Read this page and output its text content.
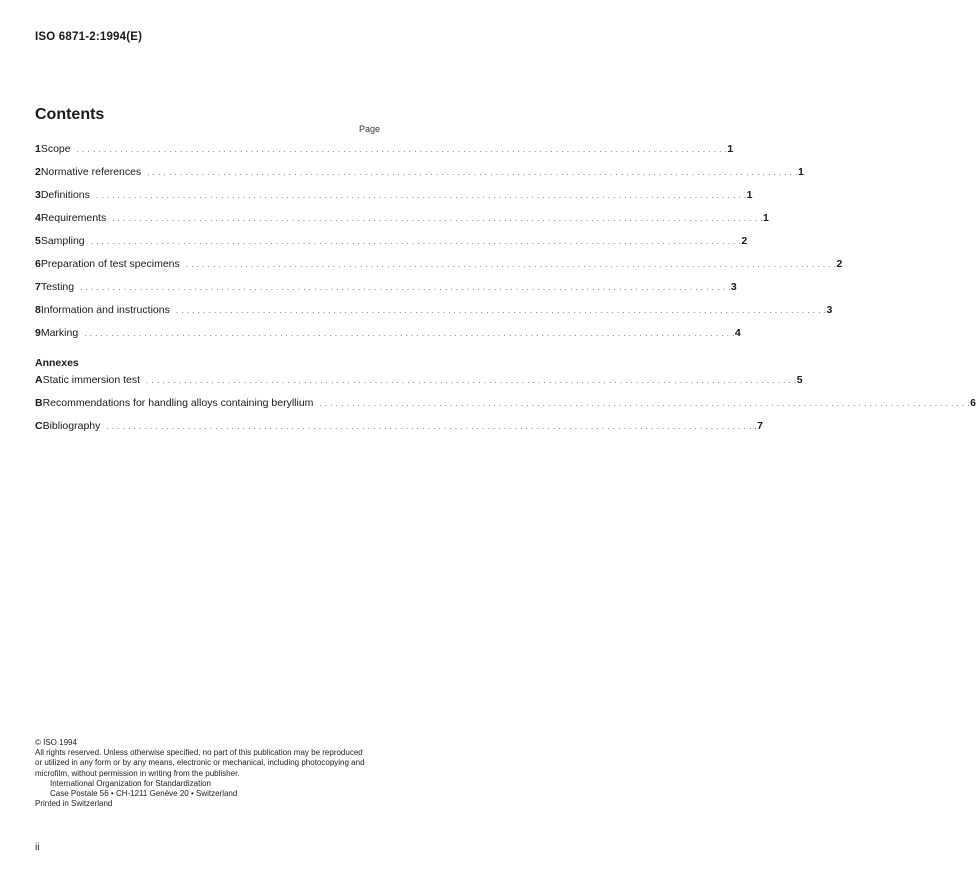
ISO 6871-2:1994(E)
Contents
Page
1 Scope . . . . . . . . . . . . . . . . . . . . . . . . . . . . . . . . . . . . . . . . . . . . . . . . . . . . . . . . . . . . . . . . . . . . . . . . . . . . . . . . . . . . . . . . . . . . . . . . . . . . . . . . . . . . . . . . . . . . . . . . 1
2 Normative references . . . . . . . . . . . . . . . . . . . . . . . . . . . . . . . . . . . . . . . . . . . . . . . . . . . . . . . . . . . . . . . . . . . . . . . . . . . . . . . . . . . . . . . . . . . . . . . . . . . . . . . . . . . . . . . . . . . . . . . . 1
3 Definitions . . . . . . . . . . . . . . . . . . . . . . . . . . . . . . . . . . . . . . . . . . . . . . . . . . . . . . . . . . . . . . . . . . . . . . . . . . . . . . . . . . . . . . . . . . . . . . . . . . . . . . . . . . . . . . . . . . . . . . . . 1
4 Requirements . . . . . . . . . . . . . . . . . . . . . . . . . . . . . . . . . . . . . . . . . . . . . . . . . . . . . . . . . . . . . . . . . . . . . . . . . . . . . . . . . . . . . . . . . . . . . . . . . . . . . . . . . . . . . . . . . . . . . . . . 1
5 Sampling . . . . . . . . . . . . . . . . . . . . . . . . . . . . . . . . . . . . . . . . . . . . . . . . . . . . . . . . . . . . . . . . . . . . . . . . . . . . . . . . . . . . . . . . . . . . . . . . . . . . . . . . . . . . . . . . . . . . . . . . 2
6 Preparation of test specimens . . . . . . . . . . . . . . . . . . . . . . . . . . . . . . . . . . . . . . . . . . . . . . . . . . . . . . . . . . . . . . . . . . . . . . . . . . . . . . . . . . . . . . . . . . . . . . . . . . . . . . . . . . . . . . . . . . . . . . . . 2
7 Testing . . . . . . . . . . . . . . . . . . . . . . . . . . . . . . . . . . . . . . . . . . . . . . . . . . . . . . . . . . . . . . . . . . . . . . . . . . . . . . . . . . . . . . . . . . . . . . . . . . . . . . . . . . . . . . . . . . . . . . . . 3
8 Information and instructions . . . . . . . . . . . . . . . . . . . . . . . . . . . . . . . . . . . . . . . . . . . . . . . . . . . . . . . . . . . . . . . . . . . . . . . . . . . . . . . . . . . . . . . . . . . . . . . . . . . . . . . . . . . . . . . . . . . . . . . . 3
9 Marking . . . . . . . . . . . . . . . . . . . . . . . . . . . . . . . . . . . . . . . . . . . . . . . . . . . . . . . . . . . . . . . . . . . . . . . . . . . . . . . . . . . . . . . . . . . . . . . . . . . . . . . . . . . . . . . . . . . . . . . . 4
Annexes
A Static immersion test . . . . . . . . . . . . . . . . . . . . . . . . . . . . . . . . . . . . . . . . . . . . . . . . . . . . . . . . . . . . . . . . . . . . . . . . . . . . . . . . . . . . . . . . . . . . . . . . . . . . . . . . . . . . . . . . . . . . . . . . 5
B Recommendations for handling alloys containing beryllium . . . . . . . . . . . . . . . . . . . . . . . . . . . . . . . . . . . . . . . . . . . . . . . . . . . . . . . . . . . . . . . . . . . . . . . . . . . . . . . . . . . . . . . . . . . . . . . . . . . . . . . . . . . . . . . . . . . . . . . . 6
C Bibliography . . . . . . . . . . . . . . . . . . . . . . . . . . . . . . . . . . . . . . . . . . . . . . . . . . . . . . . . . . . . . . . . . . . . . . . . . . . . . . . . . . . . . . . . . . . . . . . . . . . . . . . . . . . . . . . . . . . . . . . . 7
© ISO 1994
All rights reserved. Unless otherwise specified, no part of this publication may be reproduced
or utilized in any form or by any means, electronic or mechanical, including photocopying and
microfilm, without permission in writing from the publisher.
International Organization for Standardization
Case Postale 56 • CH-1211 Genève 20 • Switzerland
Printed in Switzerland
ii
